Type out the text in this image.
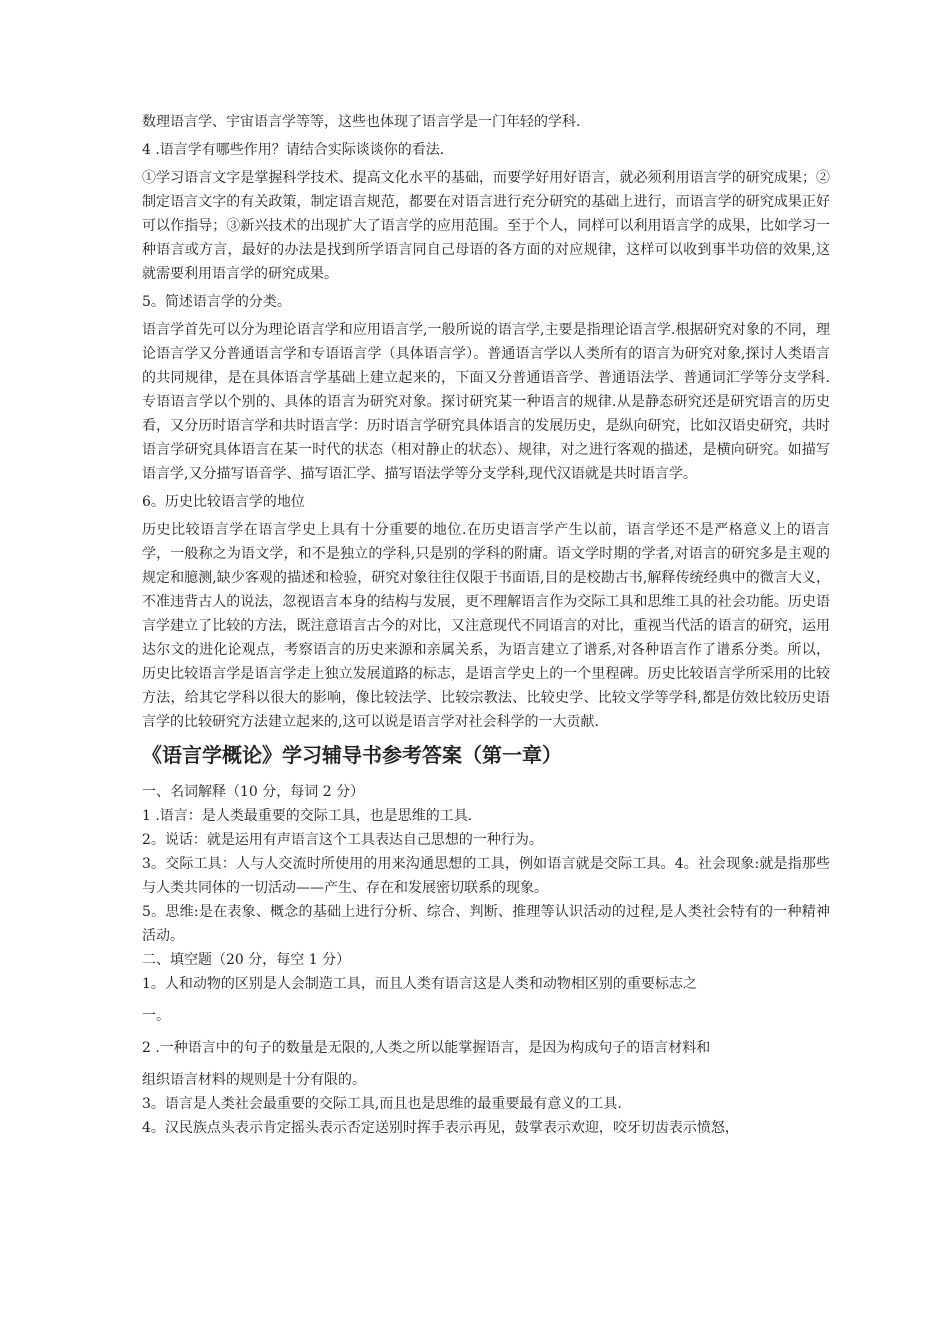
数理语言学、宇宙语言学等等，这些也体现了语言学是一门年轻的学科.

4 .语言学有哪些作用？请结合实际谈谈你的看法.

①学习语言文字是掌握科学技术、提高文化水平的基础，而要学好用好语言，就必须利用语言学的研究成果；②制定语言文字的有关政策，制定语言规范，都要在对语言进行充分研究的基础上进行，而语言学的研究成果正好可以作指导；③新兴技术的出现扩大了语言学的应用范围。至于个人，同样可以利用语言学的成果，比如学习一种语言或方言，最好的办法是找到所学语言同自己母语的各方面的对应规律，这样可以收到事半功倍的效果,这就需要利用语言学的研究成果。

5。简述语言学的分类。

语言学首先可以分为理论语言学和应用语言学,一般所说的语言学,主要是指理论语言学.根据研究对象的不同，理论语言学又分普通语言学和专语语言学（具体语言学）。普通语言学以人类所有的语言为研究对象,探讨人类语言的共同规律，是在具体语言学基础上建立起来的，下面又分普通语音学、普通语法学、普通词汇学等分支学科.专语语言学以个别的、具体的语言为研究对象。探讨研究某一种语言的规律.从是静态研究还是研究语言的历史看，又分历时语言学和共时语言学：历时语言学研究具体语言的发展历史，是纵向研究，比如汉语史研究，共时语言学研究具体语言在某一时代的状态（相对静止的状态）、规律，对之进行客观的描述，是横向研究。如描写语言学,又分描写语音学、描写语汇学、描写语法学等分支学科,现代汉语就是共时语言学。

6。历史比较语言学的地位

历史比较语言学在语言学史上具有十分重要的地位.在历史语言学产生以前，语言学还不是严格意义上的语言学，一般称之为语文学，和不是独立的学科,只是别的学科的附庸。语文学时期的学者,对语言的研究多是主观的规定和臆测,缺少客观的描述和检验，研究对象往往仅限于书面语,目的是校勘古书,解释传统经典中的微言大义，不准违背古人的说法，忽视语言本身的结构与发展，更不理解语言作为交际工具和思维工具的社会功能。历史语言学建立了比较的方法，既注意语言古今的对比，又注意现代不同语言的对比，重视当代活的语言的研究，运用达尔文的进化论观点，考察语言的历史来源和亲属关系，为语言建立了谱系,对各种语言作了谱系分类。所以，历史比较语言学是语言学走上独立发展道路的标志，是语言学史上的一个里程碑。历史比较语言学所采用的比较方法，给其它学科以很大的影响，像比较法学、比较宗教法、比较史学、比较文学等学科,都是仿效比较历史语言学的比较研究方法建立起来的,这可以说是语言学对社会科学的一大贡献.

《语言学概论》学习辅导书参考答案（第一章）

一、名词解释（10 分，每词 2 分）

1 .语言：是人类最重要的交际工具，也是思维的工具.

2。说话：就是运用有声语言这个工具表达自己思想的一种行为。

3。交际工具：人与人交流时所使用的用来沟通思想的工具，例如语言就是交际工具。4。社会现象:就是指那些与人类共同体的一切活动——产生、存在和发展密切联系的现象。

5。思维:是在表象、概念的基础上进行分析、综合、判断、推理等认识活动的过程,是人类社会特有的一种精神活动。

二、填空题（20 分，每空 1 分）

1。人和动物的区别是人会制造工具，而且人类有语言这是人类和动物相区别的重要标志之

一。

2 .一种语言中的句子的数量是无限的,人类之所以能掌握语言，是因为构成句子的语言材料和

组织语言材料的规则是十分有限的。

3。语言是人类社会最重要的交际工具,而且也是思维的最重要最有意义的工具.

4。汉民族点头表示肯定摇头表示否定送别时挥手表示再见，鼓掌表示欢迎，咬牙切齿表示愤怒，
